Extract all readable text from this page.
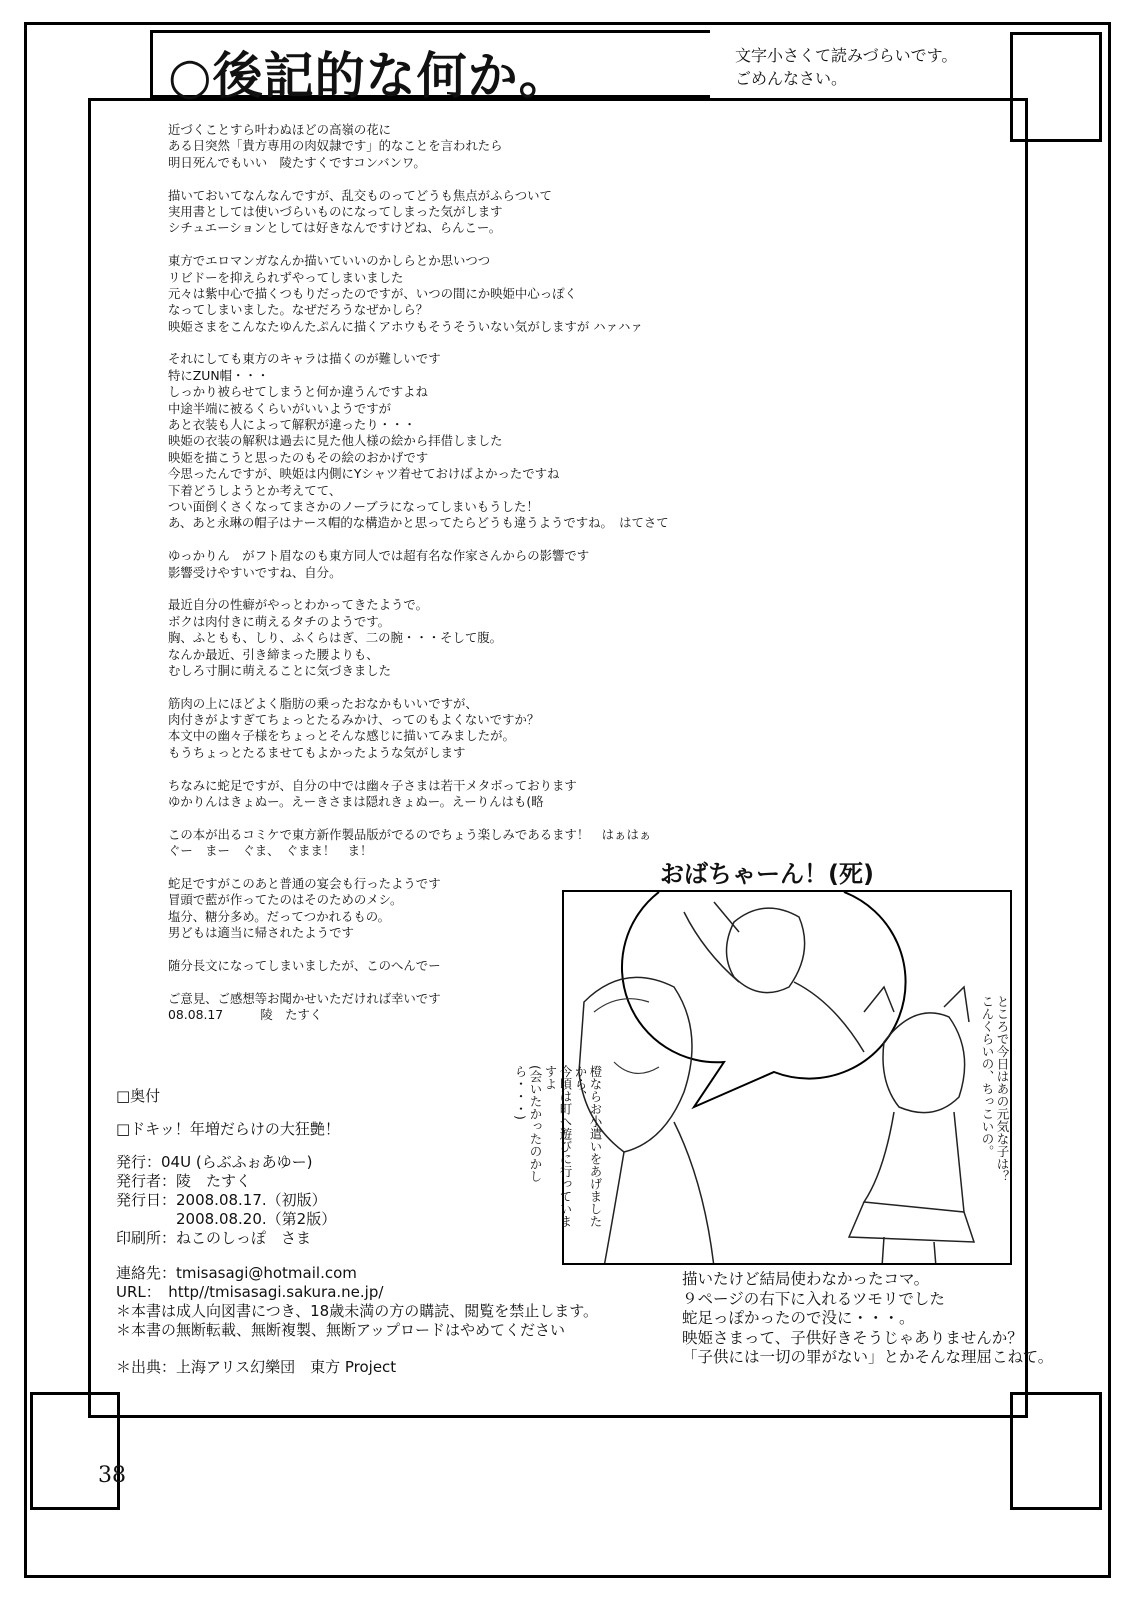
○後記的な何か。	文字小さくて読みづらいです。
ごめんなさい。
近づくことすら叶わぬほどの高嶺の花に
ある日突然「貴方専用の肉奴隷です」的なことを言われたら
明日死んでもいい　陵たすくですコンバンワ。
描いておいてなんなんですが、乱交ものってどうも焦点がふらついて
実用書としては使いづらいものになってしまった気がします
シチュエーションとしては好きなんですけどね、らんこー。
東方でエロマンガなんか描いていいのかしらとか思いつつ
リビドーを抑えられずやってしまいました
元々は紫中心で描くつもりだったのですが、いつの間にか映姫中心っぽく
なってしまいました。なぜだろうなぜかしら？
映姫さまをこんなたゆんたぷんに描くアホウもそうそういない気がしますが ハァハァ
それにしても東方のキャラは描くのが難しいです
特にZUN帽・・・
しっかり被らせてしまうと何か違うんですよね
中途半端に被るくらいがいいようですが
あと衣装も人によって解釈が違ったり・・・
映姫の衣装の解釈は過去に見た他人様の絵から拝借しました
映姫を描こうと思ったのもその絵のおかげです
今思ったんですが、映姫は内側にYシャツ着せておけばよかったですね
下着どうしようとか考えてて、
つい面倒くさくなってまさかのノーブラになってしまいもうした！
あ、あと永琳の帽子はナース帽的な構造かと思ってたらどうも違うようですね。　はてさて
ゆっかりん　がフト眉なのも東方同人では超有名な作家さんからの影響です
影響受けやすいですね、自分。
最近自分の性癖がやっとわかってきたようで。
ボクは肉付きに萌えるタチのようです。
胸、ふともも、しり、ふくらはぎ、二の腕・・・そして腹。
なんか最近、引き締まった腰よりも、
むしろ寸胴に萌えることに気づきました
筋肉の上にほどよく脂肪の乗ったおなかもいいですが、
肉付きがよすぎてちょっとたるみかけ、ってのもよくないですか？
本文中の幽々子様をちょっとそんな感じに描いてみましたが。
もうちょっとたるませてもよかったような気がします
ちなみに蛇足ですが、自分の中では幽々子さまは若干メタボっております
ゆかりんはきょぬー。えーきさまは隠れきょぬー。えーりんはも(略
この本が出るコミケで東方新作製品版がでるのでちょう楽しみであるます！　はぁはぁ
ぐー　まー　ぐま、　ぐまま！　ま！
蛇足ですがこのあと普通の宴会も行ったようです
冒頭で藍が作ってたのはそのためのメシ。
塩分、糖分多め。だってつかれるもの。
男どもは適当に帰されたようです
随分長文になってしまいましたが、このへんでー
ご意見、ご感想等お聞かせいただければ幸いです
08.08.17　　　陵　たすく
□奥付
□ドキッ！年増だらけの大狂艶！
発行：04U (らぶふぉあゆー)
発行者：陵　たすく
発行日：2008.08.17.（初版）
　　　　2008.08.20.（第2版）
印刷所：ねこのしっぽ　さま
連絡先：tmisasagi@hotmail.com
URL：　http//tmisasagi.sakura.ne.jp/
＊本書は成人向図書につき、18歳未満の方の購読、閲覧を禁止します。
＊本書の無断転載、無断複製、無断アップロードはやめてください
＊出典：上海アリス幻樂団　東方 Project
おばちゃーん！(死)
橙ならお小遣いをあげましたから、
今頃は町へ遊びに行っていますよ
(会いたかったのかしら・・・)	ところで今日はあの元気な子は？
こんくらいの、ちっこいの。
描いたけど結局使わなかったコマ。
９ページの右下に入れるツモリでした
蛇足っぽかったので没に・・・。
映姫さまって、子供好きそうじゃありませんか？
「子供には一切の罪がない」とかそんな理屈こねて。
38
